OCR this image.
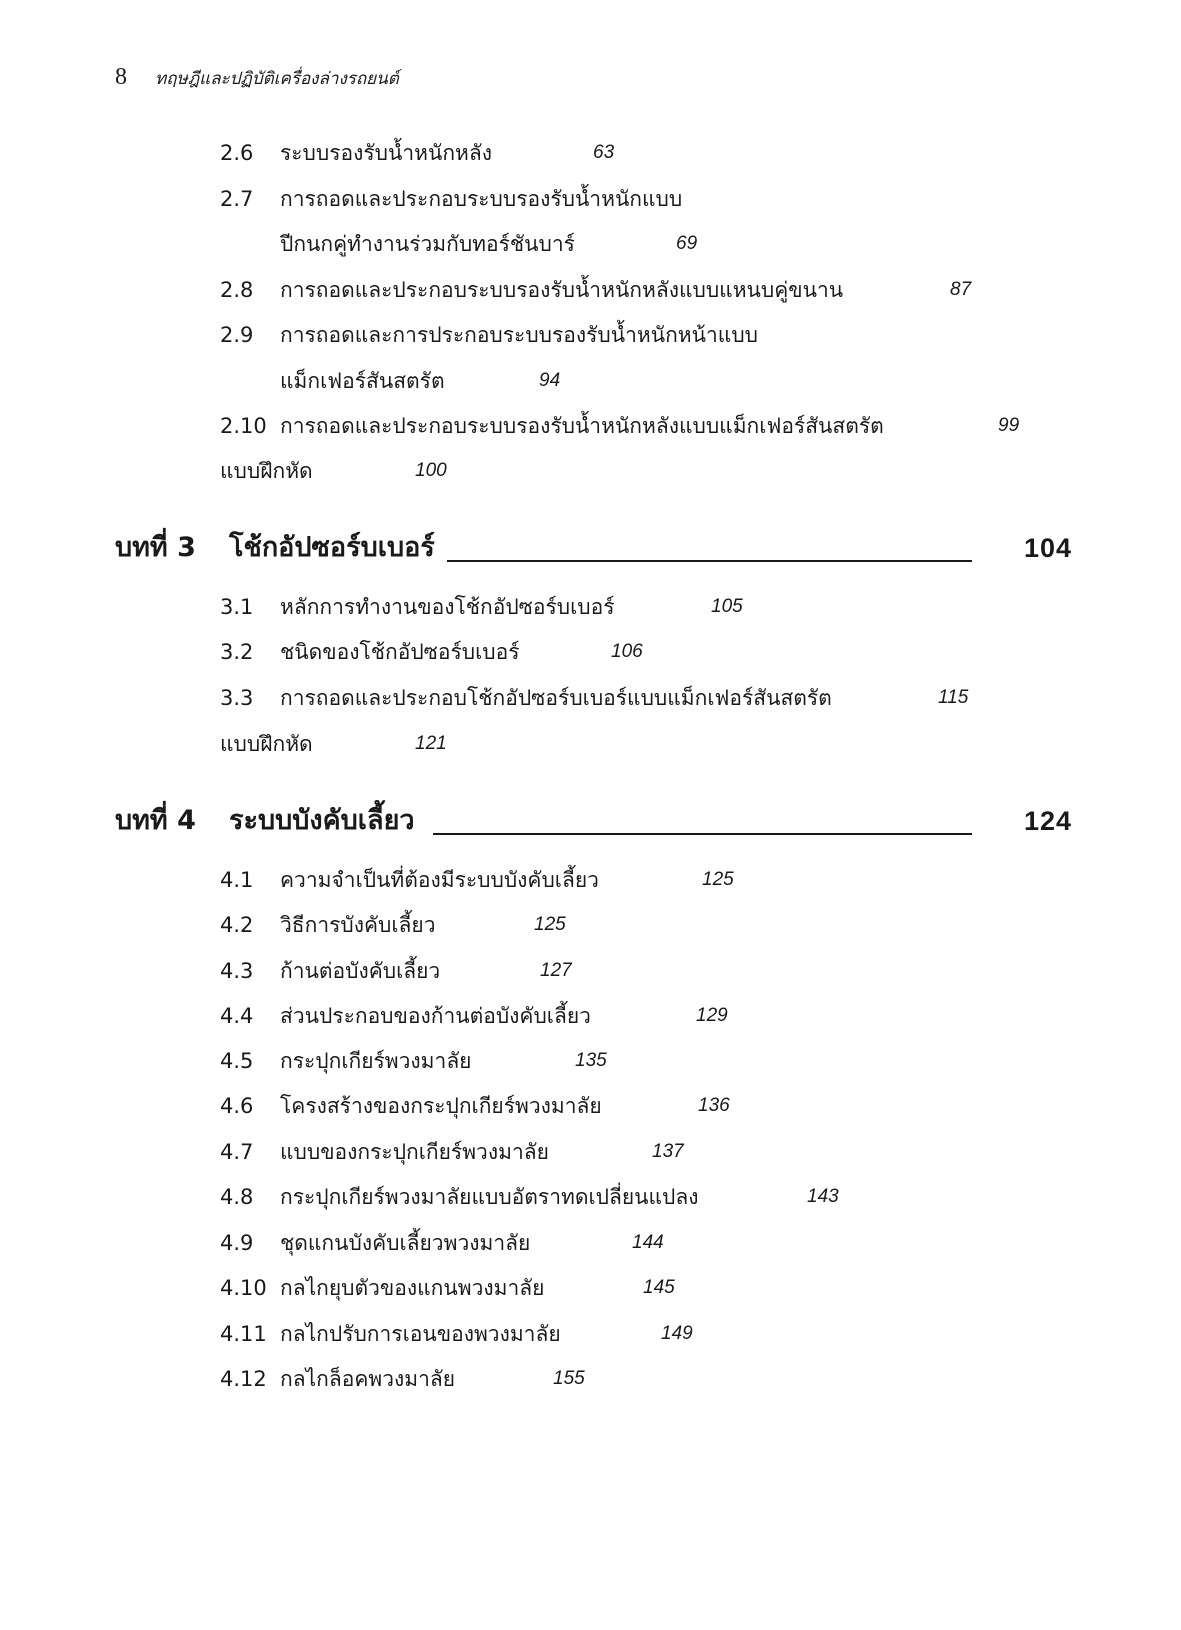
8 ทฤษฎีและปฏิบัติเครื่องล่างรถยนต์
2.6 ระบบรองรับน้ำหนักหลัง	63
2.7 การถอดและประกอบระบบรองรับน้ำหนักแบบ
ปีกนกคู่ทำงานร่วมกับทอร์ชันบาร์	69
2.8 การถอดและประกอบระบบรองรับน้ำหนักหลังแบบแหนบคู่ขนาน	87
2.9 การถอดและการประกอบระบบรองรับน้ำหนักหน้าแบบ
แม็กเฟอร์สันสตรัต	94
2.10 การถอดและประกอบระบบรองรับน้ำหนักหลังแบบแม็กเฟอร์สันสตรัต	99
แบบฝึกหัด	100
บทที่ 3 โช้กอัปซอร์บเบอร์	104
3.1 หลักการทำงานของโช้กอัปซอร์บเบอร์	105
3.2 ชนิดของโช้กอัปซอร์บเบอร์	106
3.3 การถอดและประกอบโช้กอัปซอร์บเบอร์แบบแม็กเฟอร์สันสตรัต	115
แบบฝึกหัด	121
บทที่ 4 ระบบบังคับเลี้ยว	124
4.1 ความจำเป็นที่ต้องมีระบบบังคับเลี้ยว	125
4.2 วิธีการบังคับเลี้ยว	125
4.3 ก้านต่อบังคับเลี้ยว	127
4.4 ส่วนประกอบของก้านต่อบังคับเลี้ยว	129
4.5 กระปุกเกียร์พวงมาลัย	135
4.6 โครงสร้างของกระปุกเกียร์พวงมาลัย	136
4.7 แบบของกระปุกเกียร์พวงมาลัย	137
4.8 กระปุกเกียร์พวงมาลัยแบบอัตราทดเปลี่ยนแปลง	143
4.9 ชุดแกนบังคับเลี้ยวพวงมาลัย	144
4.10 กลไกยุบตัวของแกนพวงมาลัย	145
4.11 กลไกปรับการเอนของพวงมาลัย	149
4.12 กลไกล็อคพวงมาลัย	155
